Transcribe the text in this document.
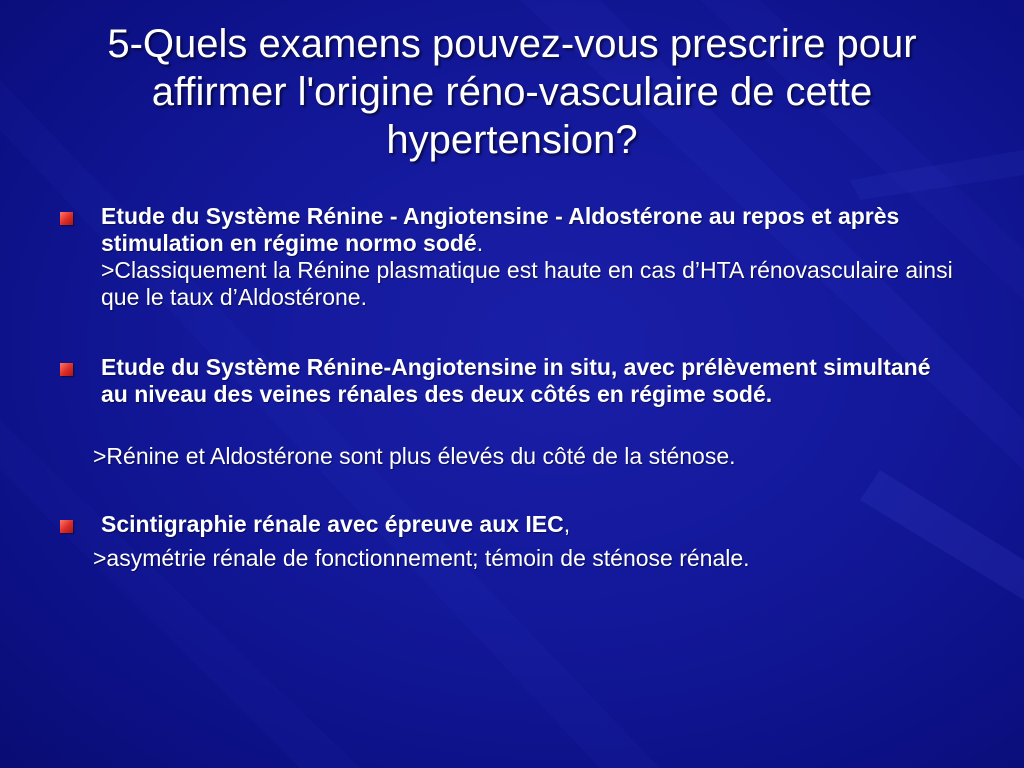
5-Quels examens pouvez-vous prescrire pour affirmer l'origine réno-vasculaire de cette hypertension?
Etude du Système Rénine - Angiotensine - Aldostérone au repos et après stimulation en régime normo sodé.
>Classiquement la Rénine plasmatique est haute en cas d’HTA rénovasculaire ainsi que le taux d’Aldostérone.
Etude du Système Rénine-Angiotensine in situ, avec prélèvement simultané au niveau des veines rénales des deux côtés en régime sodé.
>Rénine et Aldostérone sont plus élevés du côté de la sténose.
Scintigraphie rénale avec épreuve aux IEC,
>asymétrie rénale de fonctionnement; témoin de sténose rénale.
